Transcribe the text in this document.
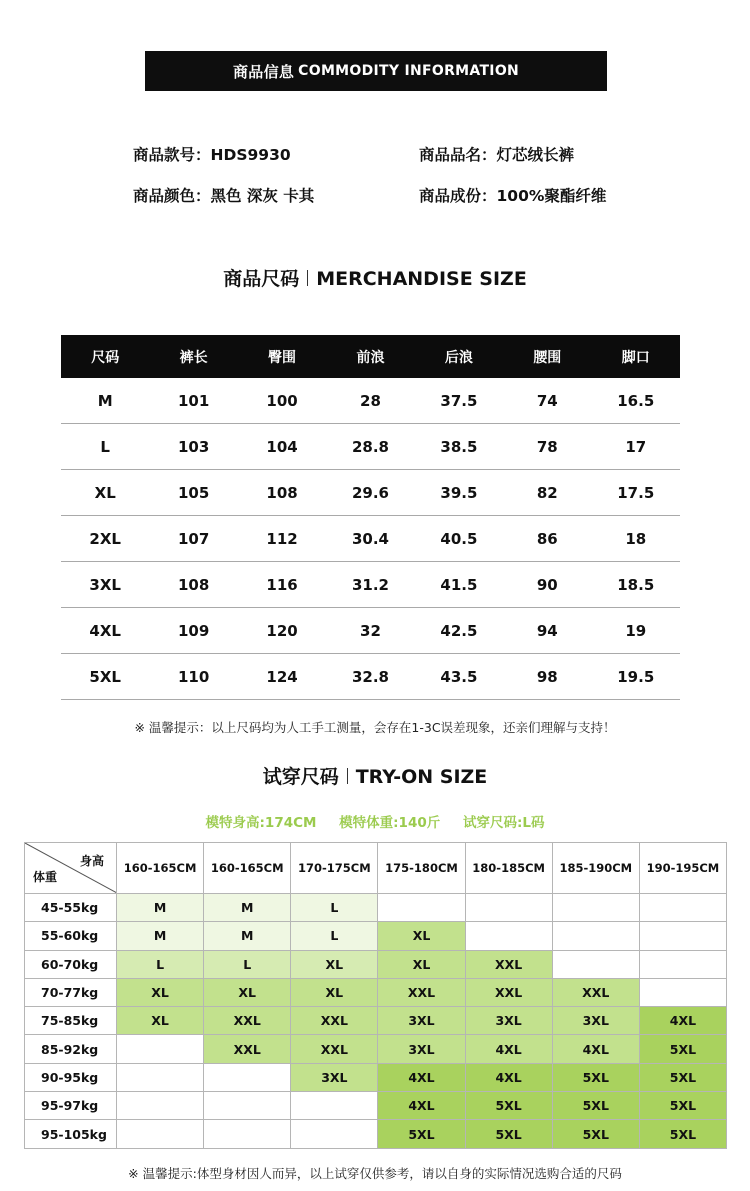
商品信息 COMMODITY INFORMATION
商品款号：HDS9930	商品品名：灯芯绒长裤
商品颜色：黑色 深灰 卡其	商品成份：100%聚酯纤维
商品尺码 MERCHANDISE SIZE
尺码	裤长	臀围	前浪	后浪	腰围	脚口
M	101	100	28	37.5	74	16.5
L	103	104	28.8	38.5	78	17
XL	105	108	29.6	39.5	82	17.5
2XL	107	112	30.4	40.5	86	18
3XL	108	116	31.2	41.5	90	18.5
4XL	109	120	32	42.5	94	19
5XL	110	124	32.8	43.5	98	19.5
※ 温馨提示：以上尺码均为人工手工测量，会存在1-3C误差现象，还亲们理解与支持！
试穿尺码 TRY-ON SIZE
模特身高:174CM 模特体重:140斤 试穿尺码:L码
身高
体重	160-165CM	160-165CM	170-175CM	175-180CM	180-185CM	185-190CM	190-195CM
45-55kg	M	M	L				
55-60kg	M	M	L	XL			
60-70kg	L	L	XL	XL	XXL		
70-77kg	XL	XL	XL	XXL	XXL	XXL	
75-85kg	XL	XXL	XXL	3XL	3XL	3XL	4XL
85-92kg		XXL	XXL	3XL	4XL	4XL	5XL
90-95kg			3XL	4XL	4XL	5XL	5XL
95-97kg				4XL	5XL	5XL	5XL
95-105kg				5XL	5XL	5XL	5XL
※ 温馨提示:体型身材因人而异，以上试穿仅供参考，请以自身的实际情况选购合适的尺码
